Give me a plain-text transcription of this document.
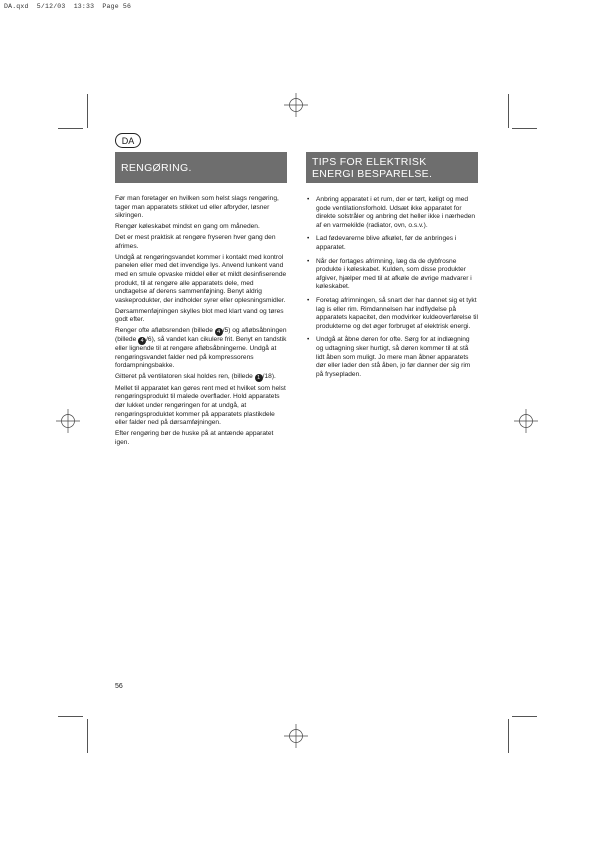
DA.qxd  5/12/03  13:33  Page 56
DA
RENGØRING.

Før man foretager en hvilken som helst slags rengøring, tager man apparatets stikket ud eller afbryder, løsner sikringen.

Rengør køleskabet mindst en gang om måneden.

Det er mest praktisk at rengøre fryseren hver gang den afrimes.

Undgå at rengøringsvandet kommer i kontakt med kontrol panelen eller med det invendige lys. Anvend lunkent vand med en smule opvaske middel eller et mildt desinfiserende produkt, til at rengøre alle apparatets dele, med undtagelse af derens sammenføjning. Benyt aldrig vaskeprodukter, der indholder syrer eller oplesningsmidler.

Dørsammenføjningen skylles blot med klart vand og tøres godt efter.

Renger ofte afløbsrenden (billede 4 /5) og afløbsåbningen (billede 4 /6), så vandet kan cikulere frit. Benyt en tandstik eller lignende til at rengøre afløbsåbningerne. Undgå at rengøringsvandet falder ned på kompressorens fordampningsbakke.

Gitteret på ventilatoren skal holdes ren, (billede 1 /18).

Mellet til apparatet kan gøres rent med et hvilket som helst rengøringsprodukt til malede overflader. Hold apparatets dør lukket under rengøringen for at undgå, at rengøringsproduktet kommer på apparatets plastikdele eller falder ned på dørsamføjningen.

Efter rengøring bør de huske på at antænde apparatet igen.

TIPS FOR ELEKTRISK
ENERGI BESPARELSE.
• Anbring apparatet i et rum, der er tørt, køligt og med gode ventilationsforhold. Udsæt ikke apparatet for direkte solstråler og anbring det heller ikke i nærheden af en varmekilde (radiator, ovn, o.s.v.).
• Lad fødevarerne blive afkølet, før de anbringes i apparatet.
• Når der fortages afrimning, læg da de dybfrosne produkte i køleskabet. Kulden, som disse produkter afgiver, hjælper med til at afkøle de øvrige madvarer i køleskabet.
• Foretag afrimningen, så snart der har dannet sig et tykt lag is eller rim. Rimdannelsen har indflydelse på apparatets kapacitet, den modvirker kuldeoverførelse til produkterne og det øger forbruget af elektrisk energi.
• Undgå at åbne døren for ofte. Sørg for at indlægning og udtagning sker hurtigt, så døren kommer til at stå lidt åben som muligt. Jo mere man åbner apparatets dør eller lader den stå åben, jo før danner der sig rim på frysepladen.
56
